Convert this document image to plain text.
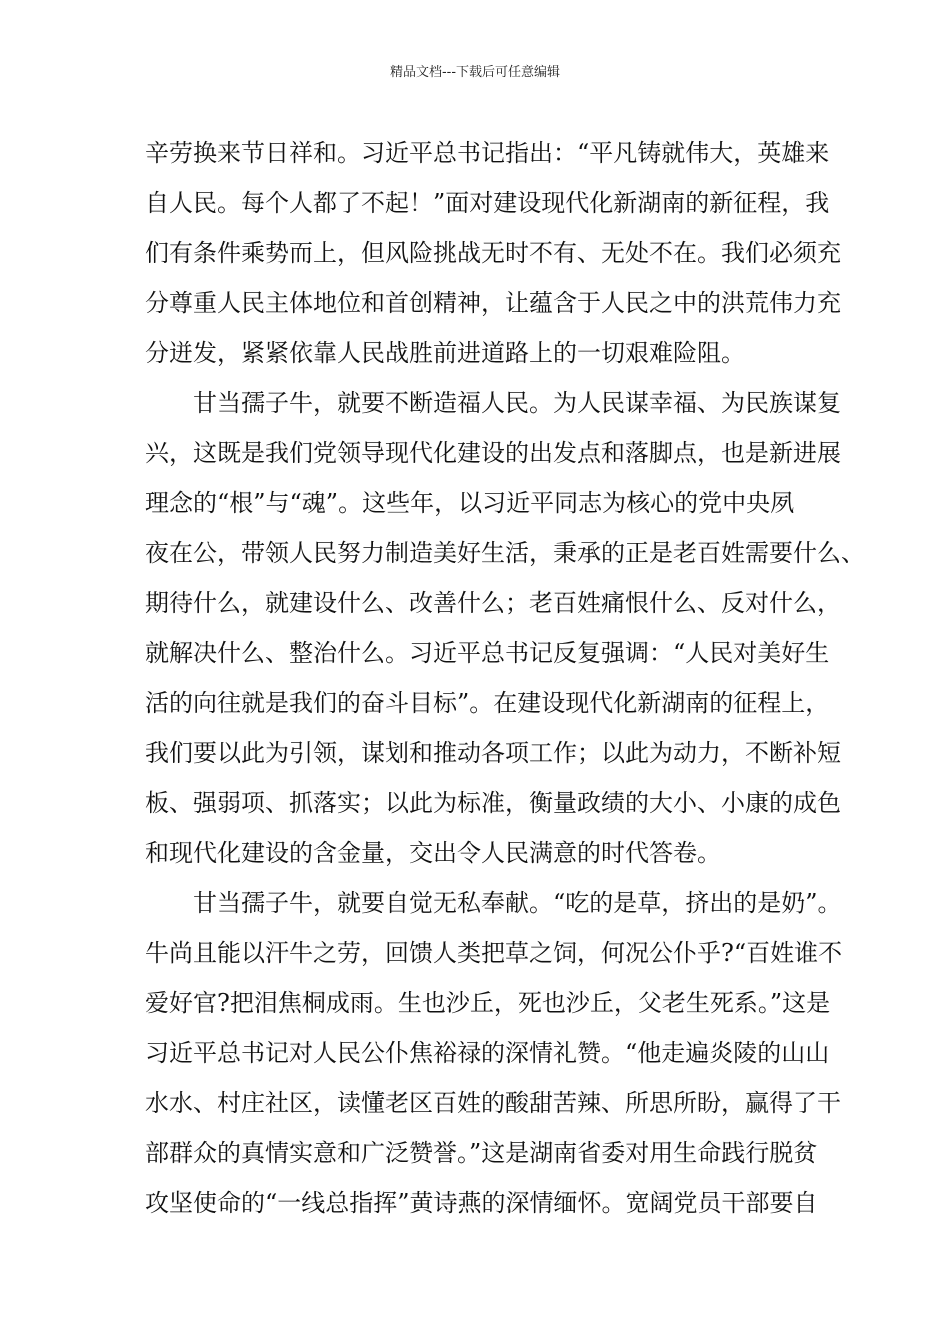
精品文档---下载后可任意编辑
辛劳换来节日祥和。习近平总书记指出：“平凡铸就伟大，英雄来
自人民。每个人都了不起！”面对建设现代化新湖南的新征程，我
们有条件乘势而上，但风险挑战无时不有、无处不在。我们必须充
分尊重人民主体地位和首创精神，让蕴含于人民之中的洪荒伟力充
分迸发，紧紧依靠人民战胜前进道路上的一切艰难险阻。
甘当孺子牛，就要不断造福人民。为人民谋幸福、为民族谋复
兴，这既是我们党领导现代化建设的出发点和落脚点，也是新进展
理念的“根”与“魂”。这些年，以习近平同志为核心的党中央夙
夜在公，带领人民努力制造美好生活，秉承的正是老百姓需要什么、
期待什么，就建设什么、改善什么；老百姓痛恨什么、反对什么，
就解决什么、整治什么。习近平总书记反复强调：“人民对美好生
活的向往就是我们的奋斗目标”。在建设现代化新湖南的征程上，
我们要以此为引领，谋划和推动各项工作；以此为动力，不断补短
板、强弱项、抓落实；以此为标准，衡量政绩的大小、小康的成色
和现代化建设的含金量，交出令人民满意的时代答卷。
甘当孺子牛，就要自觉无私奉献。“吃的是草，挤出的是奶”。
牛尚且能以汗牛之劳，回馈人类把草之饲，何况公仆乎?“百姓谁不
爱好官?把泪焦桐成雨。生也沙丘，死也沙丘，父老生死系。”这是
习近平总书记对人民公仆焦裕禄的深情礼赞。“他走遍炎陵的山山
水水、村庄社区，读懂老区百姓的酸甜苦辣、所思所盼，赢得了干
部群众的真情实意和广泛赞誉。”这是湖南省委对用生命践行脱贫
攻坚使命的“一线总指挥”黄诗燕的深情缅怀。宽阔党员干部要自
